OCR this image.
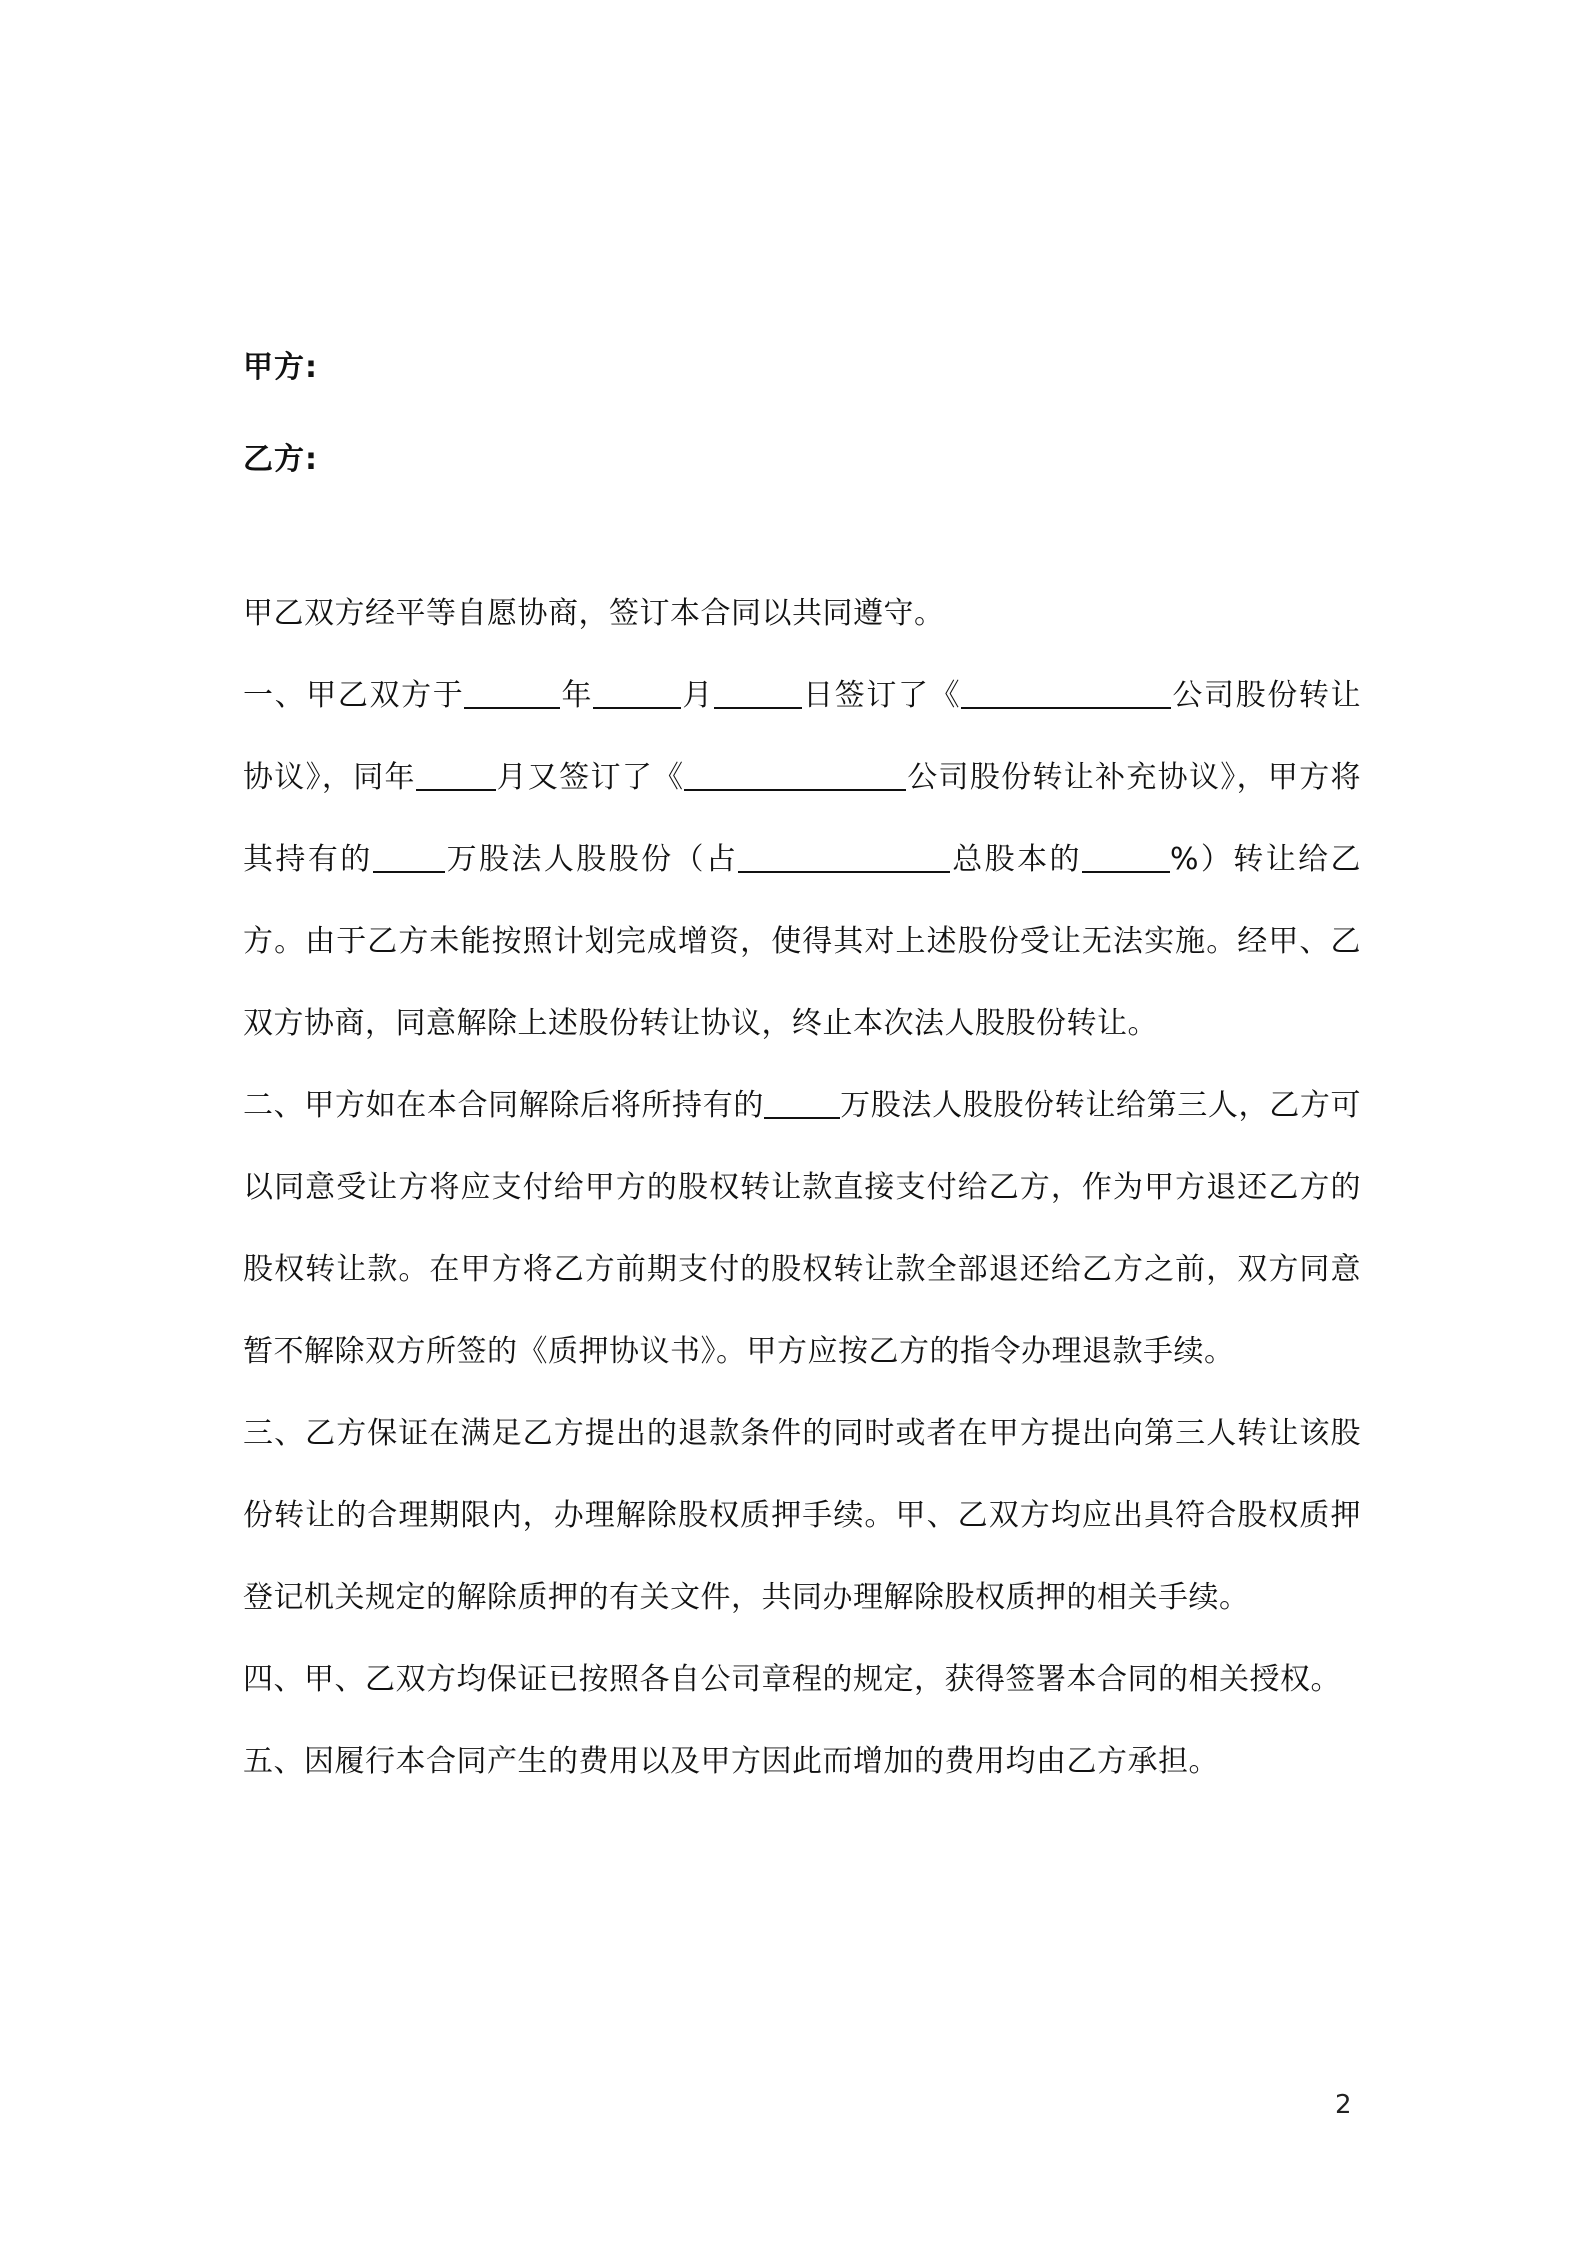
甲方:
乙方:

甲乙双方经平等自愿协商，签订本合同以共同遵守。

一、甲乙双方于	年	月	日签订了《	公司股份转让协议》，同年	月又签订了《	公司股份转让补充协议》，甲方将其持有的 万股法人股股份（占	总股本的	%）转让给乙方。由于乙方未能按照计划完成增资，使得其对上述股份受让无法实施。经甲、乙双方协商，同意解除上述股份转让协议，终止本次法人股股份转让。

二、甲方如在本合同解除后将所持有的	万股法人股股份转让给第三人，乙方可以同意受让方将应支付给甲方的股权转让款直接支付给乙方，作为甲方退还乙方的股权转让款。在甲方将乙方前期支付的股权转让款全部退还给乙方之前，双方同意暂不解除双方所签的《质押协议书》。甲方应按乙方的指令办理退款手续。

三、乙方保证在满足乙方提出的退款条件的同时或者在甲方提出向第三人转让该股份转让的合理期限内，办理解除股权质押手续。甲、乙双方均应出具符合股权质押登记机关规定的解除质押的有关文件，共同办理解除股权质押的相关手续。

四、甲、乙双方均保证已按照各自公司章程的规定，获得签署本合同的相关授权。

五、因履行本合同产生的费用以及甲方因此而增加的费用均由乙方承担。

2
